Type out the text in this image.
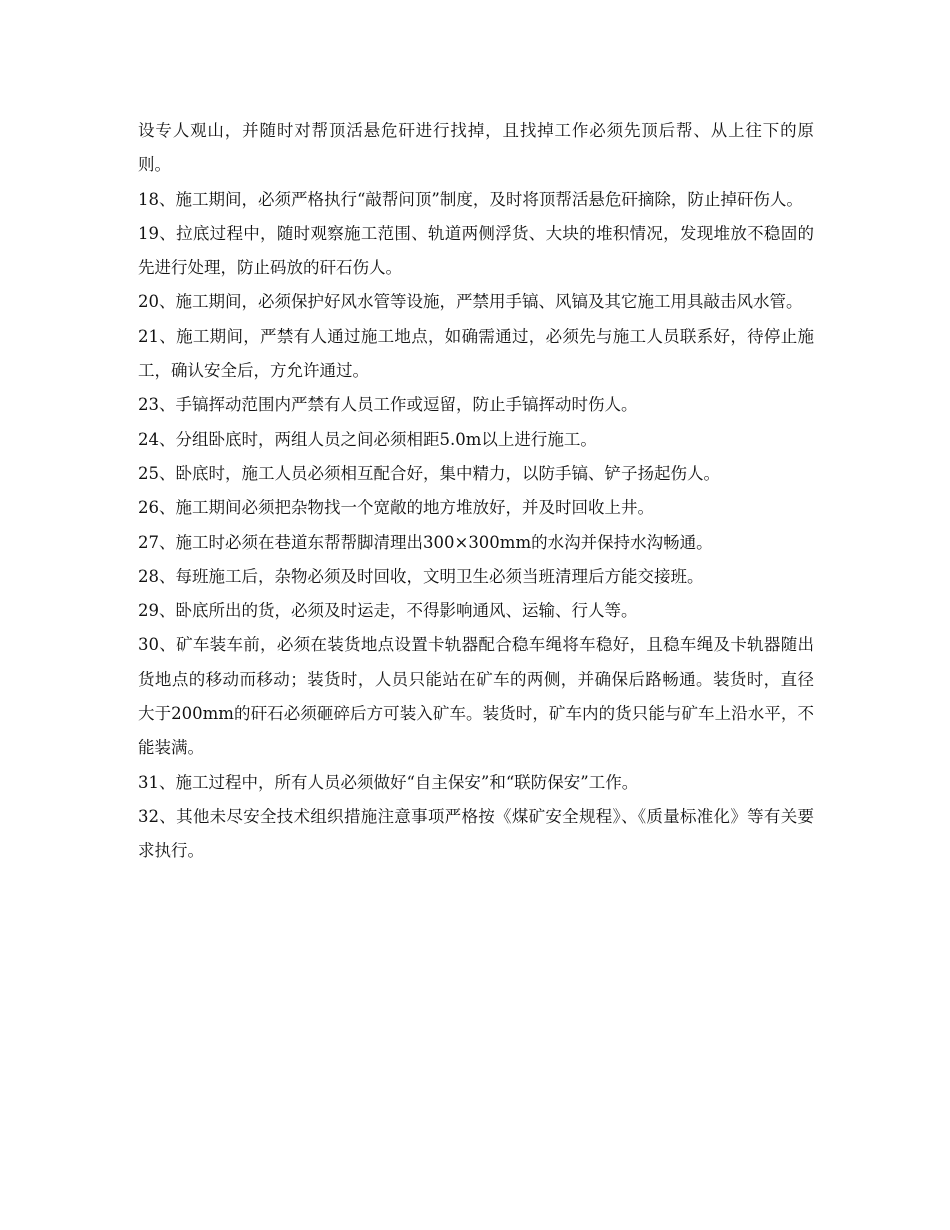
设专人观山，并随时对帮顶活悬危矸进行找掉，且找掉工作必须先顶后帮、从上往下的原则。

18、施工期间，必须严格执行“敲帮问顶”制度，及时将顶帮活悬危矸摘除，防止掉矸伤人。

19、拉底过程中，随时观察施工范围、轨道两侧浮货、大块的堆积情况，发现堆放不稳固的先进行处理，防止码放的矸石伤人。

20、施工期间，必须保护好风水管等设施，严禁用手镐、风镐及其它施工用具敲击风水管。

21、施工期间，严禁有人通过施工地点，如确需通过，必须先与施工人员联系好，待停止施工，确认安全后，方允许通过。

23、手镐挥动范围内严禁有人员工作或逗留，防止手镐挥动时伤人。

24、分组卧底时，两组人员之间必须相距5.0m以上进行施工。

25、卧底时，施工人员必须相互配合好，集中精力，以防手镐、铲子扬起伤人。

26、施工期间必须把杂物找一个宽敞的地方堆放好，并及时回收上井。

27、施工时必须在巷道东帮帮脚清理出300×300mm的水沟并保持水沟畅通。

28、每班施工后，杂物必须及时回收，文明卫生必须当班清理后方能交接班。

29、卧底所出的货，必须及时运走，不得影响通风、运输、行人等。

30、矿车装车前，必须在装货地点设置卡轨器配合稳车绳将车稳好，且稳车绳及卡轨器随出货地点的移动而移动；装货时，人员只能站在矿车的两侧，并确保后路畅通。装货时，直径大于200mm的矸石必须砸碎后方可装入矿车。装货时，矿车内的货只能与矿车上沿水平，不能装满。

31、施工过程中，所有人员必须做好“自主保安”和“联防保安”工作。

32、其他未尽安全技术组织措施注意事项严格按《煤矿安全规程》、《质量标准化》等有关要求执行。
